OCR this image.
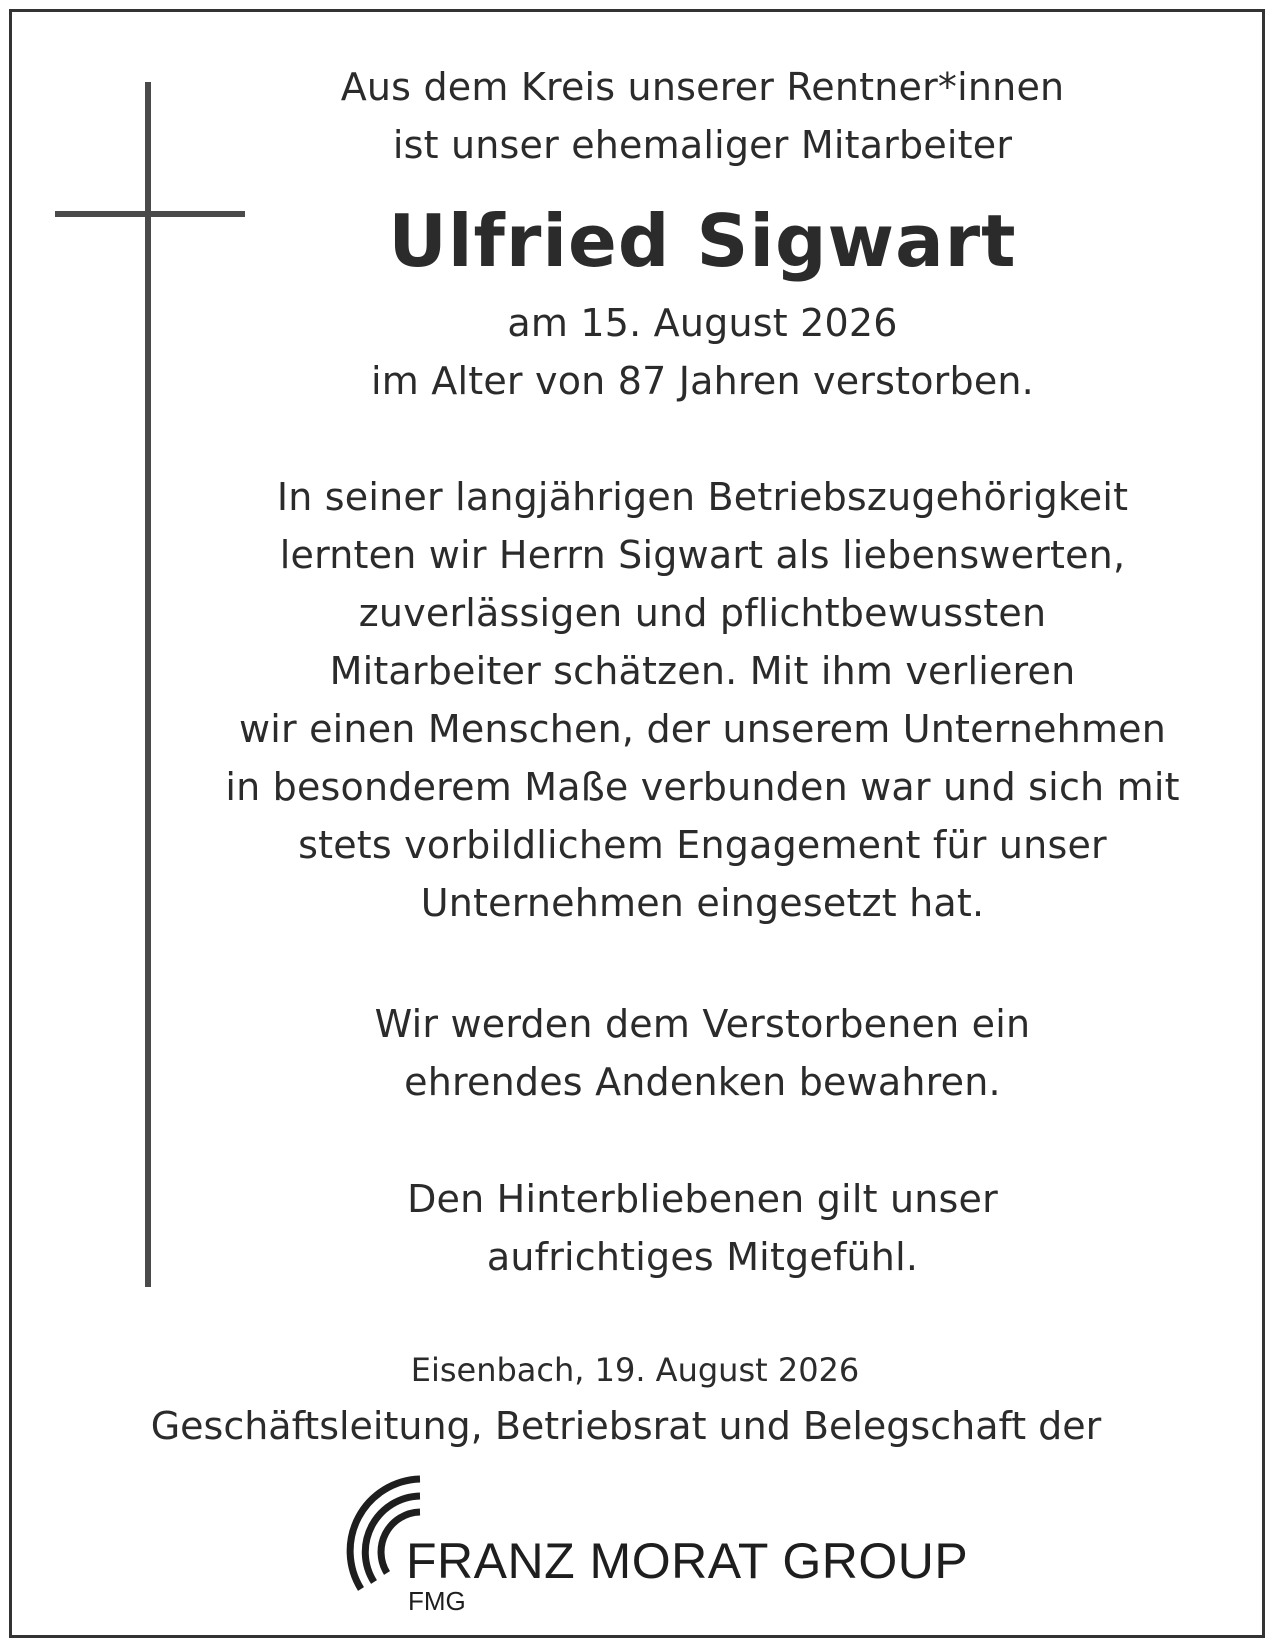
Aus dem Kreis unserer Rentner*innen
ist unser ehemaliger Mitarbeiter
Ulfried Sigwart
am 15. August 2026
im Alter von 87 Jahren verstorben.
In seiner langjährigen Betriebszugehörigkeit
lernten wir Herrn Sigwart als liebenswerten,
zuverlässigen und pflichtbewussten
Mitarbeiter schätzen. Mit ihm verlieren
wir einen Menschen, der unserem Unternehmen
in besonderem Maße verbunden war und sich mit
stets vorbildlichem Engagement für unser
Unternehmen eingesetzt hat.
Wir werden dem Verstorbenen ein
ehrendes Andenken bewahren.
Den Hinterbliebenen gilt unser
aufrichtiges Mitgefühl.
Eisenbach, 19. August 2026
Geschäftsleitung, Betriebsrat und Belegschaft der
FRANZ MORAT GROUP
FMG
